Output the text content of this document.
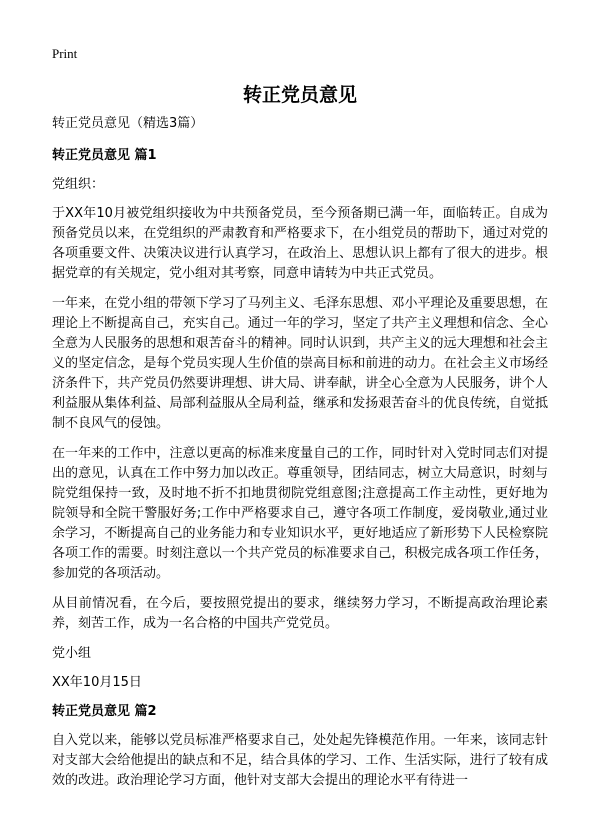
Print
转正党员意见

转正党员意见（精选3篇）

转正党员意见 篇1

党组织：

于XX年10月被党组织接收为中共预备党员，至今预备期已满一年，面临转正。自成为预备党员以来，在党组织的严肃教育和严格要求下，在小组党员的帮助下，通过对党的各项重要文件、决策决议进行认真学习，在政治上、思想认识上都有了很大的进步。根据党章的有关规定，党小组对其考察，同意申请转为中共正式党员。

一年来，在党小组的带领下学习了马列主义、毛泽东思想、邓小平理论及重要思想，在理论上不断提高自己，充实自己。通过一年的学习，坚定了共产主义理想和信念、全心全意为人民服务的思想和艰苦奋斗的精神。同时认识到，共产主义的远大理想和社会主义的坚定信念，是每个党员实现人生价值的崇高目标和前进的动力。在社会主义市场经济条件下，共产党员仍然要讲理想、讲大局、讲奉献，讲全心全意为人民服务，讲个人利益服从集体利益、局部利益服从全局利益，继承和发扬艰苦奋斗的优良传统，自觉抵制不良风气的侵蚀。

在一年来的工作中，注意以更高的标准来度量自己的工作，同时针对入党时同志们对提出的意见，认真在工作中努力加以改正。尊重领导，团结同志，树立大局意识，时刻与院党组保持一致，及时地不折不扣地贯彻院党组意图;注意提高工作主动性，更好地为院领导和全院干警服好务;工作中严格要求自己，遵守各项工作制度，爱岗敬业,通过业余学习，不断提高自己的业务能力和专业知识水平，更好地适应了新形势下人民检察院各项工作的需要。时刻注意以一个共产党员的标准要求自己，积极完成各项工作任务，参加党的各项活动。

从目前情况看，在今后，要按照党提出的要求，继续努力学习，不断提高政治理论素养，刻苦工作，成为一名合格的中国共产党党员。

党小组

XX年10月15日

转正党员意见 篇2

自入党以来，能够以党员标准严格要求自己，处处起先锋模范作用。一年来，该同志针对支部大会给他提出的缺点和不足，结合具体的学习、工作、生活实际，进行了较有成效的改进。政治理论学习方面，他针对支部大会提出的理论水平有待进一
